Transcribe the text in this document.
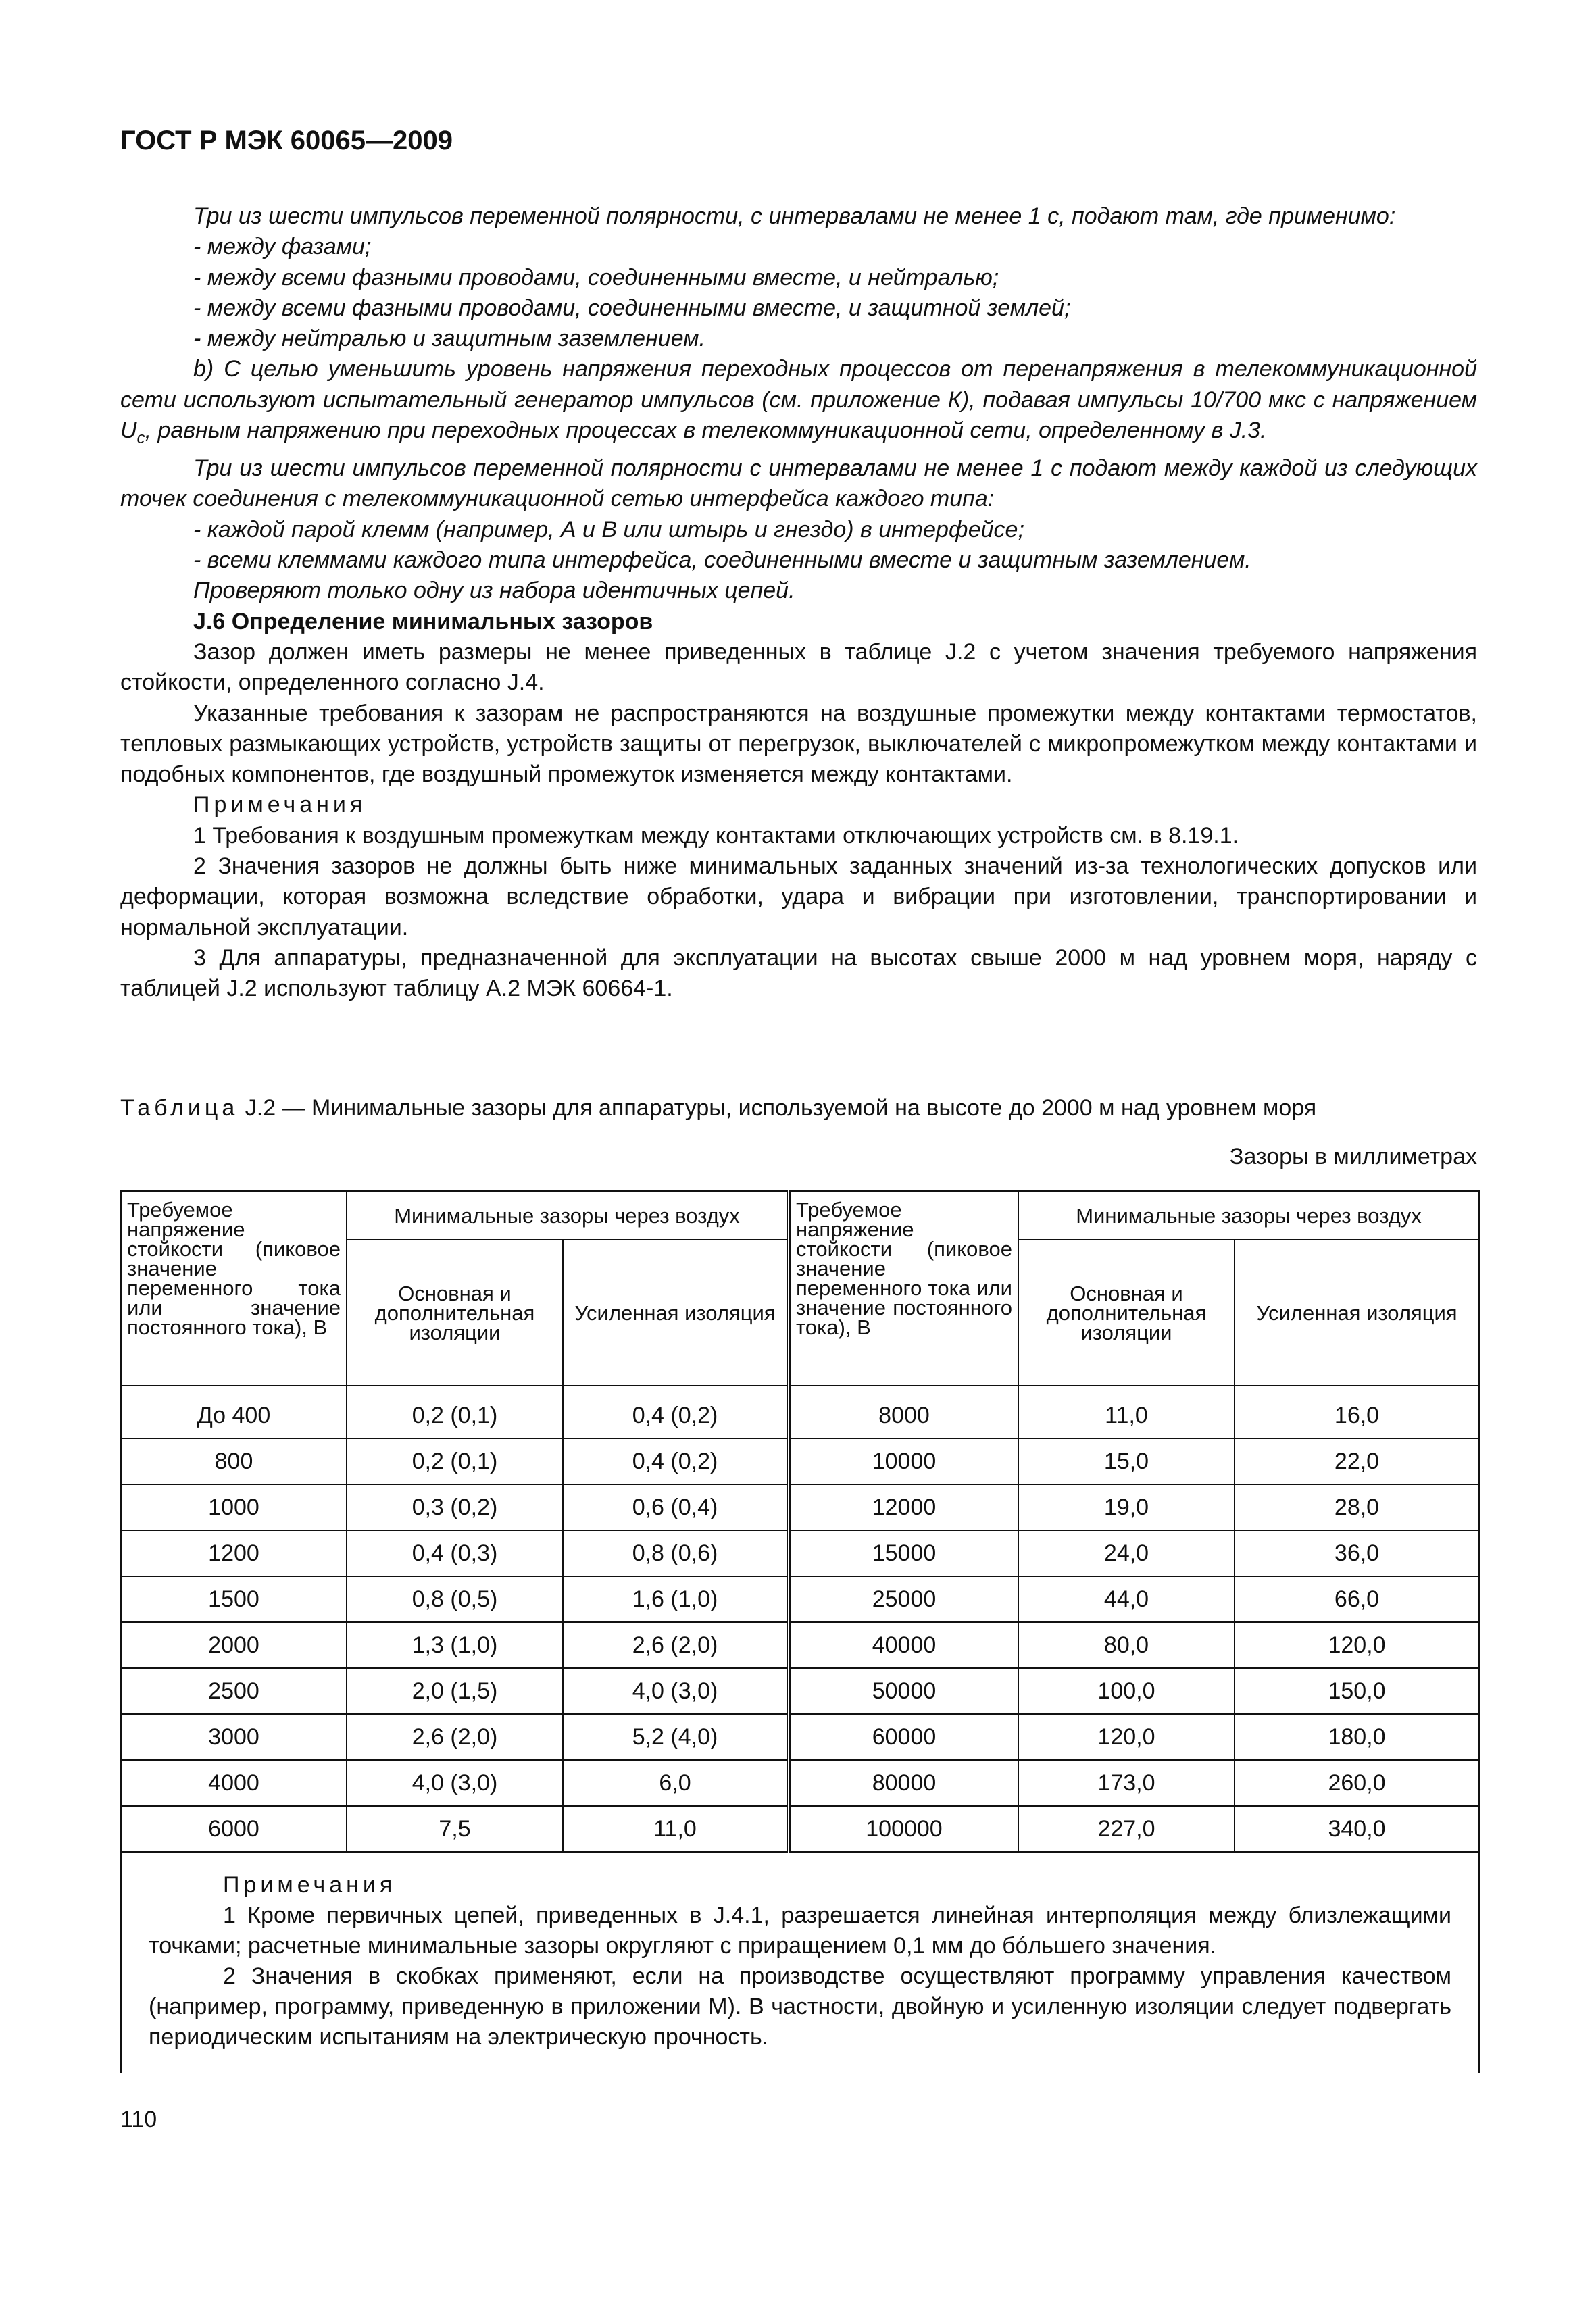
ГОСТ Р МЭК 60065—2009

Три из шести импульсов переменной полярности, с интервалами не менее 1 с, подают там, где применимо:

- между фазами;

- между всеми фазными проводами, соединенными вместе, и нейтралью;

- между всеми фазными проводами, соединенными вместе, и защитной землей;

- между нейтралью и защитным заземлением.

b) С целью уменьшить уровень напряжения переходных процессов от перенапряжения в телекоммуникационной сети используют испытательный генератор импульсов (см. приложение К), подавая импульсы 10/700 мкс с напряжением $U_c$, равным напряжению при переходных процессах в телекоммуникационной сети, определенному в J.3.

Три из шести импульсов переменной полярности с интервалами не менее 1 с подают между каждой из следующих точек соединения с телекоммуникационной сетью интерфейса каждого типа:

- каждой парой клемм (например, А и В или штырь и гнездо) в интерфейсе;

- всеми клеммами каждого типа интерфейса, соединенными вместе и защитным заземлением.

Проверяют только одну из набора идентичных цепей.

J.6 Определение минимальных зазоров

Зазор должен иметь размеры не менее приведенных в таблице J.2 с учетом значения требуемого напряжения стойкости, определенного согласно J.4.

Указанные требования к зазорам не распространяются на воздушные промежутки между контактами термостатов, тепловых размыкающих устройств, устройств защиты от перегрузок, выключателей с микропромежутком между контактами и подобных компонентов, где воздушный промежуток изменяется между контактами.

Примечания

1 Требования к воздушным промежуткам между контактами отключающих устройств см. в 8.19.1.

2 Значения зазоров не должны быть ниже минимальных заданных значений из-за технологических допусков или деформации, которая возможна вследствие обработки, удара и вибрации при изготовлении, транспортировании и нормальной эксплуатации.

3 Для аппаратуры, предназначенной для эксплуатации на высотах свыше 2000 м над уровнем моря, наряду с таблицей J.2 используют таблицу А.2 МЭК 60664-1.

Таблица J.2 — Минимальные зазоры для аппаратуры, используемой на высоте до 2000 м над уровнем моря
Зазоры в миллиметрах
Требуемое напряжение стойкости (пиковое значение переменного тока или значение постоянного тока), В	Минимальные зазоры через воздух		Требуемое напряжение стойкости (пиковое значение переменного тока или значение постоянного тока), В	Минимальные зазоры через воздух	
	Основная и дополнительная изоляции	Усиленная изоляция		Основная и дополнительная изоляции	Усиленная изоляция
До 400	0,2 (0,1)	0,4 (0,2)	8000	11,0	16,0
800	0,2 (0,1)	0,4 (0,2)	10000	15,0	22,0
1000	0,3 (0,2)	0,6 (0,4)	12000	19,0	28,0
1200	0,4 (0,3)	0,8 (0,6)	15000	24,0	36,0
1500	0,8 (0,5)	1,6 (1,0)	25000	44,0	66,0
2000	1,3 (1,0)	2,6 (2,0)	40000	80,0	120,0
2500	2,0 (1,5)	4,0 (3,0)	50000	100,0	150,0
3000	2,6 (2,0)	5,2 (4,0)	60000	120,0	180,0
4000	4,0 (3,0)	6,0	80000	173,0	260,0
6000	7,5	11,0	100000	227,0	340,0

Примечания

1 Кроме первичных цепей, приведенных в J.4.1, разрешается линейная интерполяция между близлежащими точками; расчетные минимальные зазоры округляют с приращением 0,1 мм до бóльшего значения.

2 Значения в скобках применяют, если на производстве осуществляют программу управления качеством (например, программу, приведенную в приложении М). В частности, двойную и усиленную изоляции следует подвергать периодическим испытаниям на электрическую прочность.					

110
